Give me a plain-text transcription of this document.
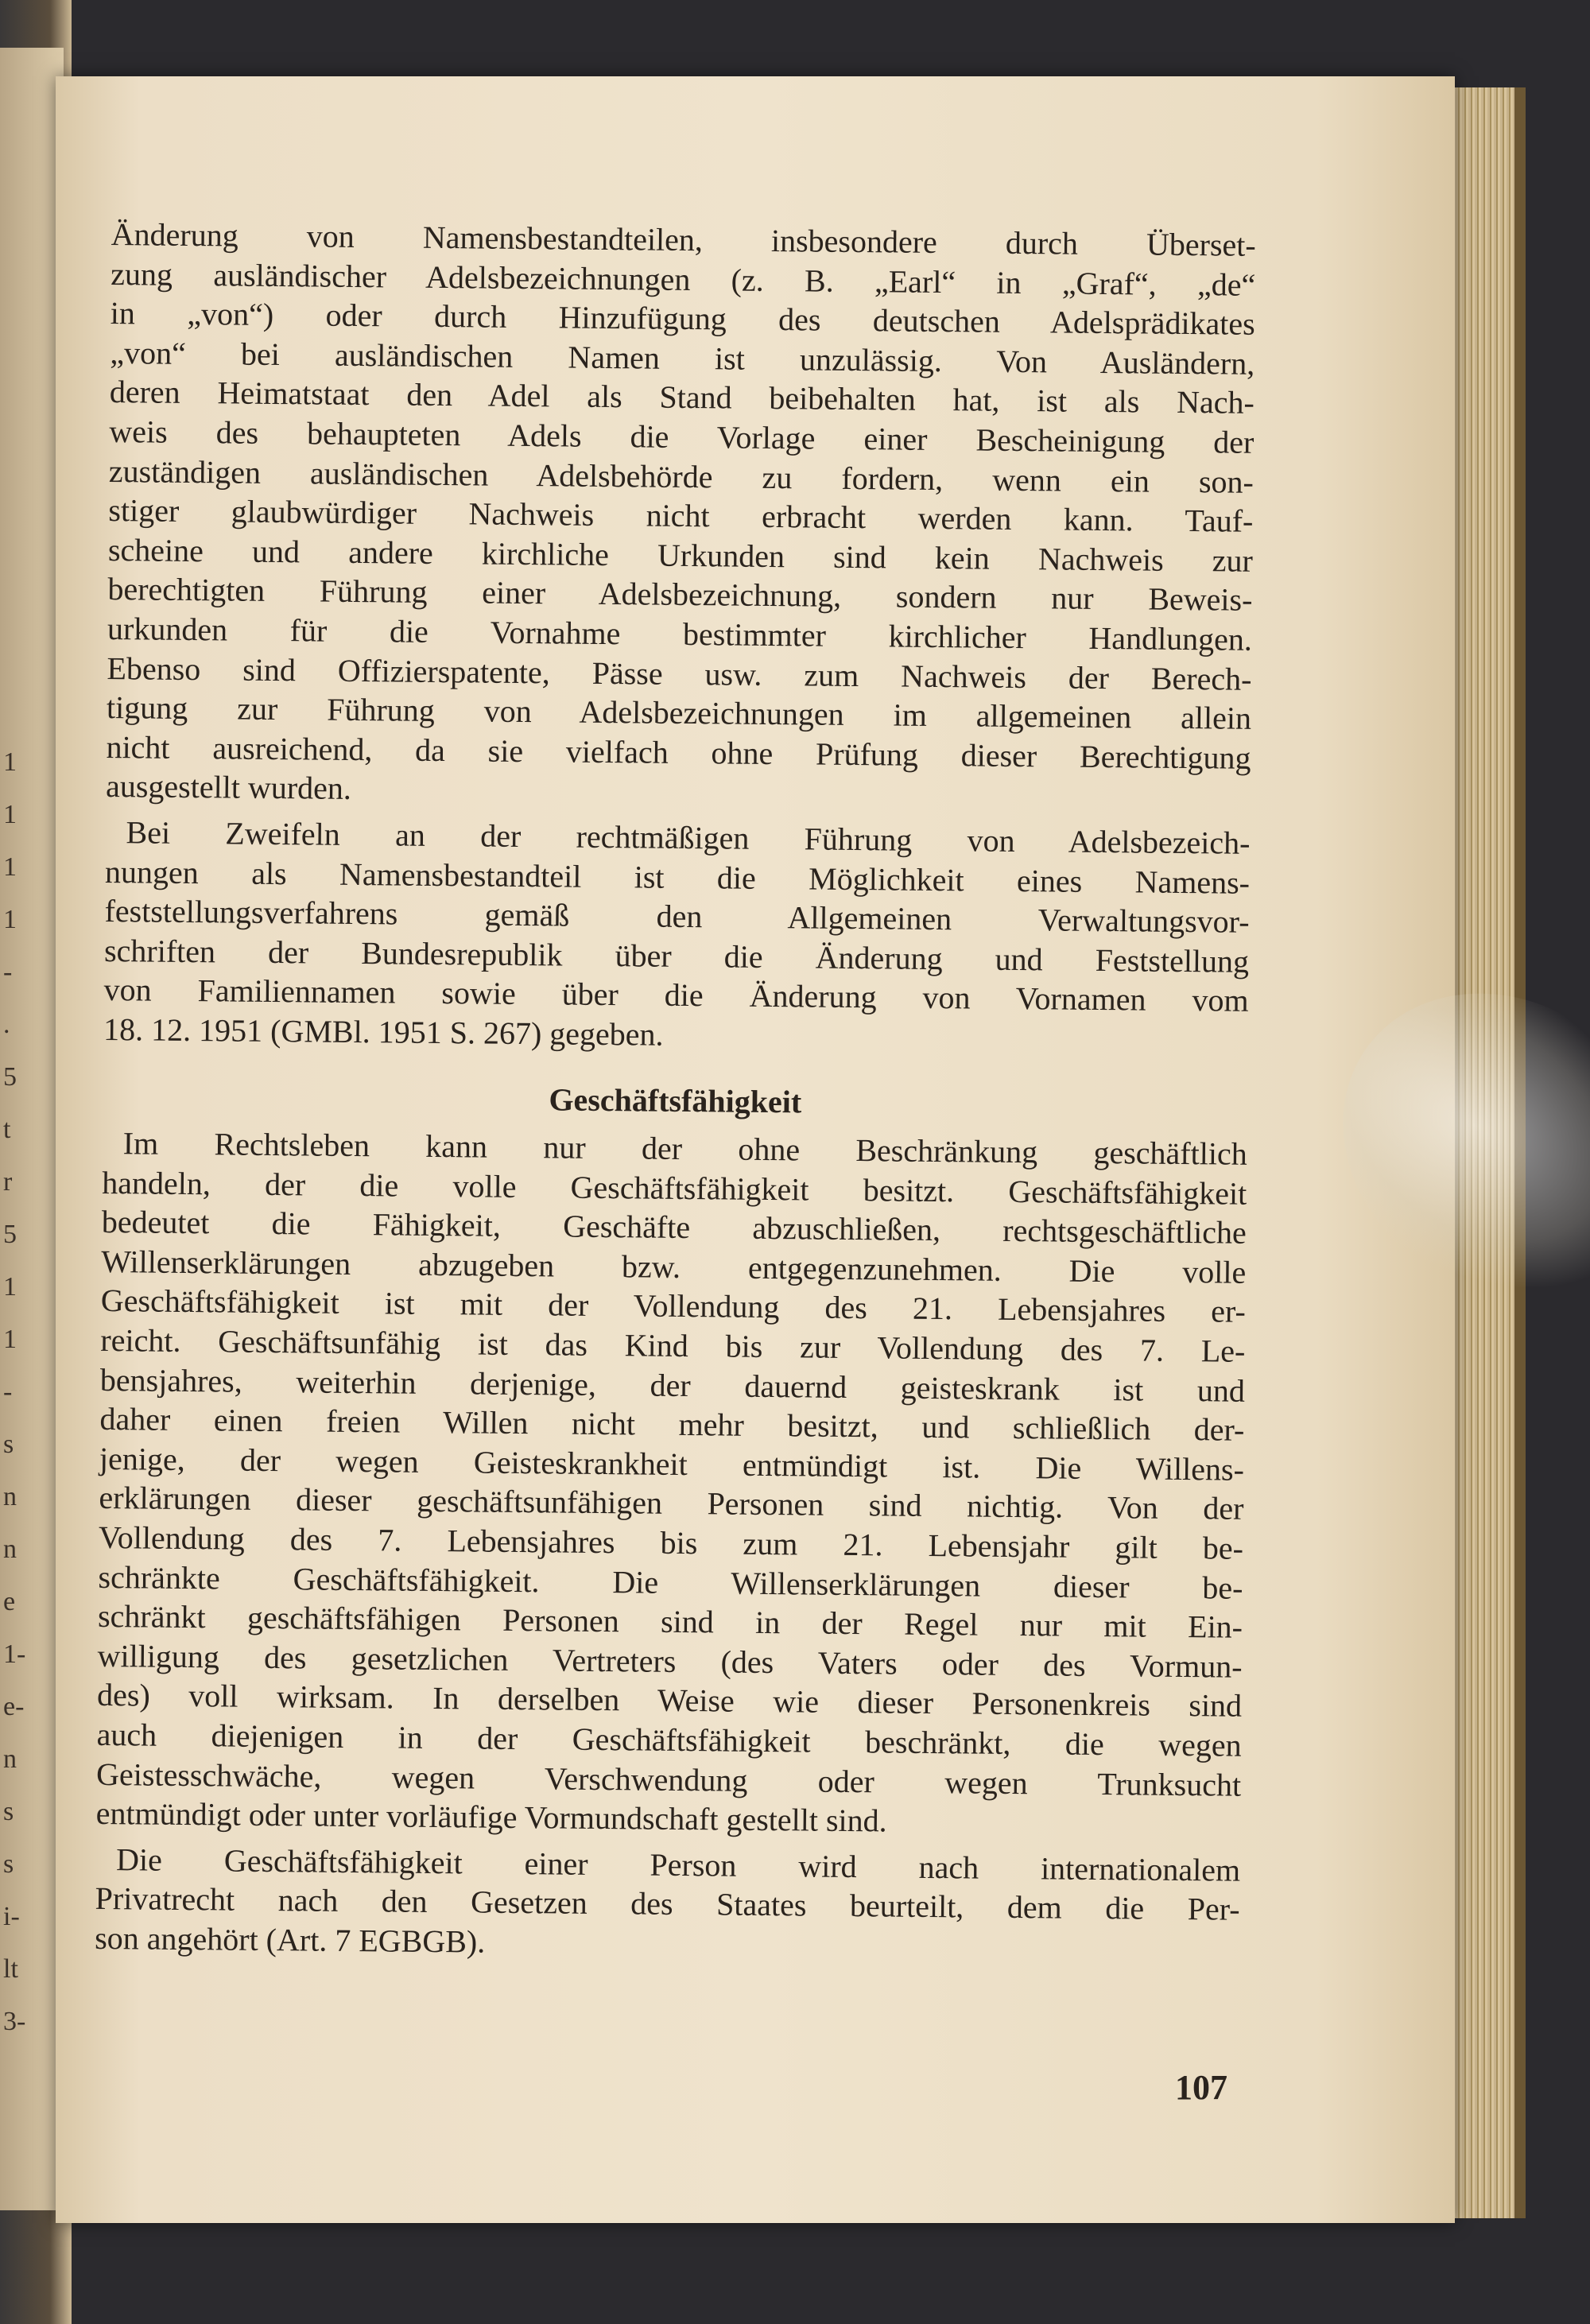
1
1
1
1
-
.
5
t
r
5
1
1
-
s
n
n
e
1-
e-
n
s
s
i-
lt
3-
Änderung von Namensbestandteilen, insbesondere durch Überset-
zung ausländischer Adelsbezeichnungen (z. B. „Earl“ in „Graf“, „de“
in „von“) oder durch Hinzufügung des deutschen Adelsprädikates
„von“ bei ausländischen Namen ist unzulässig. Von Ausländern,
deren Heimatstaat den Adel als Stand beibehalten hat, ist als Nach-
weis des behaupteten Adels die Vorlage einer Bescheinigung der
zuständigen ausländischen Adelsbehörde zu fordern, wenn ein son-
stiger glaubwürdiger Nachweis nicht erbracht werden kann. Tauf-
scheine und andere kirchliche Urkunden sind kein Nachweis zur
berechtigten Führung einer Adelsbezeichnung, sondern nur Beweis-
urkunden für die Vornahme bestimmter kirchlicher Handlungen.
Ebenso sind Offizierspatente, Pässe usw. zum Nachweis der Berech-
tigung zur Führung von Adelsbezeichnungen im allgemeinen allein
nicht ausreichend, da sie vielfach ohne Prüfung dieser Berechtigung
ausgestellt wurden.
Bei Zweifeln an der rechtmäßigen Führung von Adelsbezeich-
nungen als Namensbestandteil ist die Möglichkeit eines Namens-
feststellungsverfahrens gemäß den Allgemeinen Verwaltungsvor-
schriften der Bundesrepublik über die Änderung und Feststellung
von Familiennamen sowie über die Änderung von Vornamen vom
18. 12. 1951 (GMBl. 1951 S. 267) gegeben.
Geschäftsfähigkeit
Im Rechtsleben kann nur der ohne Beschränkung geschäftlich
handeln, der die volle Geschäftsfähigkeit besitzt. Geschäftsfähigkeit
bedeutet die Fähigkeit, Geschäfte abzuschließen, rechtsgeschäftliche
Willenserklärungen abzugeben bzw. entgegenzunehmen. Die volle
Geschäftsfähigkeit ist mit der Vollendung des 21. Lebensjahres er-
reicht. Geschäftsunfähig ist das Kind bis zur Vollendung des 7. Le-
bensjahres, weiterhin derjenige, der dauernd geisteskrank ist und
daher einen freien Willen nicht mehr besitzt, und schließlich der-
jenige, der wegen Geisteskrankheit entmündigt ist. Die Willens-
erklärungen dieser geschäftsunfähigen Personen sind nichtig. Von der
Vollendung des 7. Lebensjahres bis zum 21. Lebensjahr gilt be-
schränkte Geschäftsfähigkeit. Die Willenserklärungen dieser be-
schränkt geschäftsfähigen Personen sind in der Regel nur mit Ein-
willigung des gesetzlichen Vertreters (des Vaters oder des Vormun-
des) voll wirksam. In derselben Weise wie dieser Personenkreis sind
auch diejenigen in der Geschäftsfähigkeit beschränkt, die wegen
Geistesschwäche, wegen Verschwendung oder wegen Trunksucht
entmündigt oder unter vorläufige Vormundschaft gestellt sind.
Die Geschäftsfähigkeit einer Person wird nach internationalem
Privatrecht nach den Gesetzen des Staates beurteilt, dem die Per-
son angehört (Art. 7 EGBGB).
107
